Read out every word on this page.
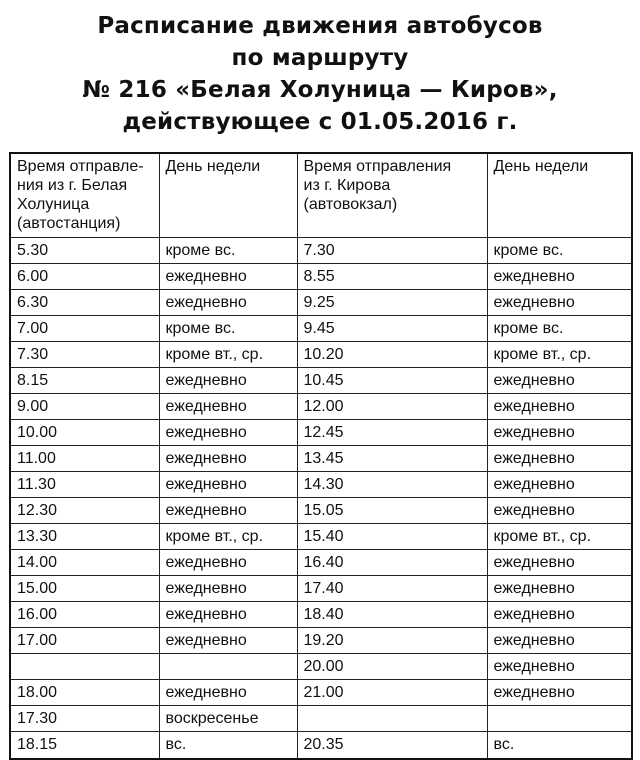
Расписание движения автобусов
по маршруту
№ 216 «Белая Холуница — Киров»,
действующее с 01.05.2016 г.
Время отправле-
ния из г. Белая
Холуница
(автостанция)	День недели	Время отправления
из г. Кирова
(автовокзал)	День недели

5.30	кроме вс.	7.30	кроме вс.
6.00	ежедневно	8.55	ежедневно
6.30	ежедневно	9.25	ежедневно
7.00	кроме вс.	9.45	кроме вс.
7.30	кроме вт., ср.	10.20	кроме вт., ср.
8.15	ежедневно	10.45	ежедневно
9.00	ежедневно	12.00	ежедневно
10.00	ежедневно	12.45	ежедневно
11.00	ежедневно	13.45	ежедневно
11.30	ежедневно	14.30	ежедневно
12.30	ежедневно	15.05	ежедневно
13.30	кроме вт., ср.	15.40	кроме вт., ср.
14.00	ежедневно	16.40	ежедневно
15.00	ежедневно	17.40	ежедневно
16.00	ежедневно	18.40	ежедневно
17.00	ежедневно	19.20	ежедневно
		20.00	ежедневно
18.00	ежедневно	21.00	ежедневно
17.30	воскресенье		
18.15	вс.	20.35	вс.
